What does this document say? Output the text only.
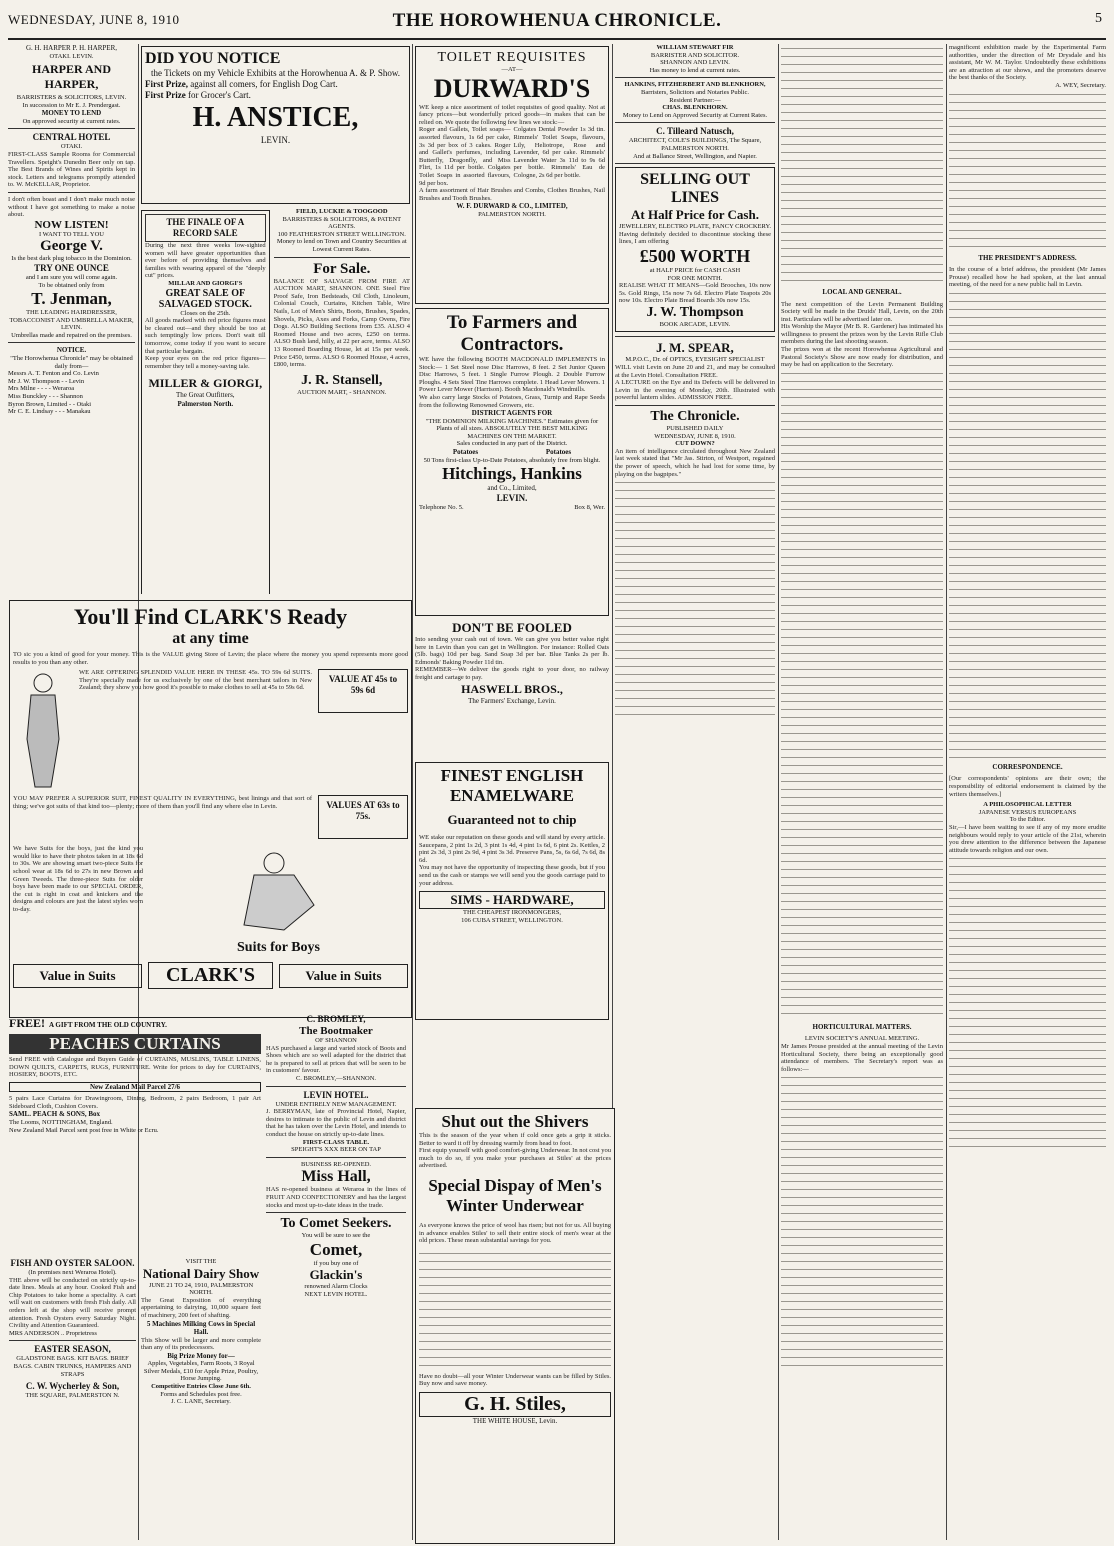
WEDNESDAY, JUNE 8, 1910	THE HOROWHENUA CHRONICLE.	5
G. H. HARPER P. H. HARPER,
OTAKI. LEVIN.
HARPER AND HARPER,
BARRISTERS & SOLICITORS, LEVIN.
In succession to Mr E. J. Prendergast.
MONEY TO LEND
On approved security at current rates.
CENTRAL HOTEL
OTAKI.
FIRST-CLASS Sample Rooms for Commercial Travellers. Speight's Dunedin Beer only on tap. The Best Brands of Wines and Spirits kept in stock. Letters and telegrams promptly attended to. W. McKELLAR, Proprietor.
I don't often boast and I don't make much noise without I have got something to make a noise about.
NOW LISTEN!
I WANT TO TELL YOU
George V.
Is the best dark plug tobacco in the Dominion.
TRY ONE OUNCE
and I am sure you will come again.
To be obtained only from
T. Jenman,
THE LEADING HAIRDRESSER, TOBACCONIST AND UMBRELLA MAKER, LEVIN.
Umbrellas made and repaired on the premises.
NOTICE.
"The Horowhenua Chronicle" may be obtained daily from—
Messrs A. T. Fenton and Co. Levin
Mr J. W. Thompson - - Levin
Mrs Milne - - - - Weraroa
Miss Bunckley - - - Shannon
Byron Brown, Limited - - Otaki
Mr C. E. Lindsay - - - Manakau
DID YOU NOTICE
the Tickets on my Vehicle Exhibits at the Horowhenua A. & P. Show.
First Prize, against all comers, for English Dog Cart.
First Prize for Grocer's Cart.
H. ANSTICE,
LEVIN.
THE FINALE OF A RECORD SALE
During the next three weeks low-sighted women will have greater opportunities than ever before of providing themselves and families with wearing apparel of the "deeply cut" prices.
MILLAR AND GIORGI'S
GREAT SALE OF SALVAGED STOCK.
Closes on the 25th.
All goods marked with red price figures must be cleared out—and they should be too at such temptingly low prices. Don't wait till tomorrow, come today if you want to secure that particular bargain.
Keep your eyes on the red price figures—remember they tell a money-saving tale.
MILLER & GIORGI,
The Great Outfitters,
Palmerston North.
FIELD, LUCKIE & TOOGOOD
BARRISTERS & SOLICITORS, & PATENT AGENTS.
100 FEATHERSTON STREET WELLINGTON.
Money to lend on Town and Country Securities at Lowest Current Rates.
For Sale.
BALANCE OF SALVAGE FROM FIRE AT AUCTION MART, SHANNON. ONE Steel Fire Proof Safe, Iron Bedsteads, Oil Cloth, Linoleum, Colonial Couch, Curtains, Kitchen Table, Wire Nails, Lot of Men's Shirts, Boots, Brushes, Spades, Shovels, Picks, Axes and Forks, Camp Ovens, Fire Dogs. ALSO Building Sections from £35. ALSO 4 Roomed House and two acres, £250 on terms. ALSO Bush land, hilly, at 22 per acre, terms. ALSO 13 Roomed Boarding House, let at 15s per week. Price £450, terms. ALSO 6 Roomed House, 4 acres, £800, terms.
J. R. Stansell,
AUCTION MART, - SHANNON.
You'll Find CLARK'S Ready
at any time
TO sic you a kind of good for your money. This is the VALUE giving Store of Levin; the place where the money you spend represents more good results to you than any other.
WE ARE OFFERING SPLENDID VALUE HERE IN THESE 45s. TO 59s 6d SUITS. They're specially made for us exclusively by one of the best merchant tailors in New Zealand; they show you how good it's possible to make clothes to sell at 45s to 59s 6d.
VALUE AT 45s to 59s 6d
YOU MAY PREFER A SUPERIOR SUIT, FINEST QUALITY IN EVERYTHING, best linings and that sort of thing; we've got suits of that kind too—plenty; more of them than you'll find any where else in Levin.	VALUES AT 63s to 75s.
We have Suits for the boys, just the kind you would like to have their photos taken in at 18s 6d to 30s. We are showing smart two-piece Suits for school wear at 18s 6d to 27s in new Brown and Green Tweeds. The three-piece Suits for older boys have been made to our SPECIAL ORDER, the cut is right in coat and knickers and the designs and colours are just the latest styles worn to-day.
Suits for Boys
Value in Suits	CLARK'S	Value in Suits
FREE! A GIFT FROM THE OLD COUNTRY.
PEACHES CURTAINS
Send FREE with Catalogue and Buyers Guide of CURTAINS, MUSLINS, TABLE LINENS, DOWN QUILTS, CARPETS, RUGS, FURNITURE. Write for prices to day for CURTAINS, HOSIERY, BOOTS, ETC.
New Zealand Mail Parcel 27/6
5 pairs Lace Curtains for Drawingroom, Dining, Bedroom, 2 pairs Bedroom, 1 pair Art Sideboard Cloth, Cushion Covers.
SAML. PEACH & SONS, Box
The Looms, NOTTINGHAM, England.
New Zealand Mail Parcel sent post free in White or Ecru.
FISH AND OYSTER SALOON.
(In premises next Weraroa Hotel).
THE above will be conducted on strictly up-to-date lines. Meals at any hour. Cooked Fish and Chip Potatoes to take home a speciality. A cart will wait on customers with fresh Fish daily. All orders left at the shop will receive prompt attention. Fresh Oysters every Saturday Night. Civility and Attention Guaranteed.
MRS ANDERSON .. Proprietress
EASTER SEASON,
GLADSTONE BAGS. KIT BAGS. BRIEF BAGS. CABIN TRUNKS, HAMPERS AND STRAPS
C. W. Wycherley & Son,
THE SQUARE, PALMERSTON N.
VISIT THE
National Dairy Show
JUNE 21 TO 24, 1910, PALMERSTON NORTH.
The Great Exposition of everything appertaining to dairying, 10,000 square feet of machinery, 200 feet of shafting.
5 Machines Milking Cows in Special Hall.
This Show will be larger and more complete than any of its predecessors.
Big Prize Money for—
Apples, Vegetables, Farm Roots, 3 Royal Silver Medals, £10 for Apple Prize, Poultry, Horse Jumping.
Competitive Entries Close June 6th.
Forms and Schedules post free.
J. C. LANE, Secretary.
C. BROMLEY,
The Bootmaker
OF SHANNON
HAS purchased a large and varied stock of Boots and Shoes which are so well adapted for the district that he is prepared to sell at prices that will be seen to be in customers' favour.
C. BROMLEY,—SHANNON.
LEVIN HOTEL.
UNDER ENTIRELY NEW MANAGEMENT.
J. BERRYMAN, late of Provincial Hotel, Napier, desires to intimate to the public of Levin and district that he has taken over the Levin Hotel, and intends to conduct the house on strictly up-to-date lines.
FIRST-CLASS TABLE.
SPEIGHT'S XXX BEER ON TAP
BUSINESS RE-OPENED.
Miss Hall,
HAS re-opened business at Weraroa in the lines of FRUIT AND CONFECTIONERY and has the largest stocks and most up-to-date ideas in the trade.
To Comet Seekers.
You will be sure to see the
Comet,
if you buy one of
Glackin's
renowned Alarm Clocks
NEXT LEVIN HOTEL.
TOILET REQUISITES
—AT—
DURWARD'S
WE keep a nice assortment of toilet requisites of good quality. Not at fancy prices—but wonderfully priced goods—in makes that can be relied on. We quote the following few lines we stock:—
Roger and Gallets, Toilet soaps—assorted flavours, 1s 6d per cake, 3s 3d per box of 3 cakes. Roger and Gallet's perfumes, including Butterfly, Dragonfly, and Miss Flirt, 1s 11d per bottle. Colgates Toilet Soaps in assorted flavours, 9d per box.
Colgates Dental Powder 1s 3d tin. Rimmels' Toilet Soaps, flavours, Lily, Heliotrope, Rose and Lavender, 6d per cake. Rimmels' Lavender Water 3s 11d to 9s 6d per bottle. Rimmels' Eau de Cologne, 2s 6d per bottle.
A farm assortment of Hair Brushes and Combs, Clothes Brushes, Nail Brushes and Tooth Brushes.
W. F. DURWARD & CO., LIMITED,
PALMERSTON NORTH.
To Farmers and Contractors.
WE have the following BOOTH MACDONALD IMPLEMENTS in Stock:— 1 Set Steel nose Disc Harrows, 8 feet. 2 Set Junior Queen Disc Harrows, 5 feet. 1 Single Furrow Plough. 2 Double Furrow Ploughs. 4 Sets Steel Tine Harrows complete. 1 Head Lever Mowers. 1 Power Lever Mower (Harrison). Booth Macdonald's Windmills.
We also carry large Stocks of Potatoes, Grass, Turnip and Rape Seeds from the following Renowned Growers, etc.
DISTRICT AGENTS FOR
"THE DOMINION MILKING MACHINES." Estimates given for Plants of all sizes. ABSOLUTELY THE BEST MILKING MACHINES ON THE MARKET.
Sales conducted in any part of the District.
Potatoes	Potatoes
50 Tons first-class Up-to-Date Potatoes, absolutely free from blight.
Hitchings, Hankins
and Co., Limited,
LEVIN.
Telephone No. 5.	Box 8, Wer.
DON'T BE FOOLED
Into sending your cash out of town. We can give you better value right here in Levin than you can get in Wellington. For instance: Rolled Oats (5lb. bags) 10d per bag. Sand Soap 3d per bar. Blue Tanks 2s per lb. Edmonds' Baking Powder 11d tin.
REMEMBER—We deliver the goods right to your door, no railway freight and cartage to pay.
HASWELL BROS.,
The Farmers' Exchange, Levin.
FINEST ENGLISH ENAMELWARE
Guaranteed not to chip
WE stake our reputation on these goods and will stand by every article. Saucepans, 2 pint 1s 2d, 3 pint 1s 4d, 4 pint 1s 6d, 6 pint 2s. Kettles, 2 pint 2s 3d, 3 pint 2s 9d, 4 pint 3s 3d. Preserve Pans, 5s, 6s 6d, 7s 6d, 8s 6d.
You may not have the opportunity of inspecting these goods, but if you send us the cash or stamps we will send you the goods carriage paid to your address.
SIMS - HARDWARE,
THE CHEAPEST IRONMONGERS,
106 CUBA STREET, WELLINGTON.
WILLIAM STEWART FIR
BARRISTER AND SOLICITOR.
SHANNON AND LEVIN.
Has money to lend at current rates.
HANKINS, FITZHERBERT AND BLENKHORN,
Barristers, Solicitors and Notaries Public.
Resident Partner:—
CHAS. BLENKHORN.
Money to Lend on Approved Security at Current Rates.
C. Tilleard Natusch,
ARCHITECT, COLE'S BUILDINGS, The Square, PALMERSTON NORTH.
And at Ballance Street, Wellington, and Napier.
SELLING OUT LINES
At Half Price for Cash.
JEWELLERY, ELECTRO PLATE, FANCY CROCKERY.
Having definitely decided to discontinue stocking these lines, I am offering
£500 WORTH
at HALF PRICE for CASH CASH
FOR ONE MONTH.
REALISE WHAT IT MEANS—Gold Brooches, 10s now 5s. Gold Rings, 15s now 7s 6d. Electro Plate Teapots 20s now 10s. Electro Plate Bread Boards 30s now 15s.
J. W. Thompson
BOOK ARCADE, LEVIN.
J. M. SPEAR,
M.P.O.C., Dr. of OPTICS, EYESIGHT SPECIALIST
WILL visit Levin on June 20 and 21, and may be consulted at the Levin Hotel. Consultation FREE.
A LECTURE on the Eye and its Defects will be delivered in Levin in the evening of Monday, 20th. Illustrated with powerful lantern slides. ADMISSION FREE.
The Chronicle.
PUBLISHED DAILY
WEDNESDAY, JUNE 8, 1910.
CUT DOWN?
An item of intelligence circulated throughout New Zealand last week stated that "Mr Jas. Stirton, of Westport, regained the power of speech, which he had lost for some time, by playing on the bagpipes."
Shut out the Shivers
This is the season of the year when if cold once gets a grip it sticks. Better to ward it off by dressing warmly from head to foot.
First equip yourself with good comfort-giving Underwear. In not cost you much to do so, if you make your purchases at Stiles' at the prices advertised.
Special Dispay of Men's Winter Underwear
As everyone knows the price of wool has risen; but not for us. All buying in advance enables Stiles' to sell their entire stock of men's wear at the old prices. These mean substantial savings for you.
Have no doubt—all your Winter Underwear wants can be filled by Stiles. Buy now and save money.
G. H. Stiles,
THE WHITE HOUSE, Levin.
LOCAL AND GENERAL.
The next competition of the Levin Permanent Building Society will be made in the Druids' Hall, Levin, on the 20th inst. Particulars will be advertised later on.
His Worship the Mayor (Mr B. R. Gardener) has intimated his willingness to present the prizes won by the Levin Rifle Club members during the last shooting season.
The prizes won at the recent Horowhenua Agricultural and Pastoral Society's Show are now ready for distribution, and may be had on application to the Secretary.
HORTICULTURAL MATTERS.
LEVIN SOCIETY'S ANNUAL MEETING.
Mr James Prouse presided at the annual meeting of the Levin Horticultural Society, there being an exceptionally good attendance of members. The Secretary's report was as follows:—
magnificent exhibition made by the Experimental Farm authorities, under the direction of Mr Drysdale and his assistant, Mr W. M. Taylor. Undoubtedly these exhibitions are an attraction at our shows, and the promoters deserve the best thanks of the Society.
A. WEY, Secretary.
THE PRESIDENT'S ADDRESS.
In the course of a brief address, the president (Mr James Prouse) recalled how he had spoken, at the last annual meeting, of the need for a new public hall in Levin.
CORRESPONDENCE.
[Our correspondents' opinions are their own; the responsibility of editorial endorsement is claimed by the writers themselves.]
A PHILOSOPHICAL LETTER
JAPANESE VERSUS EUROPEANS
To the Editor.
Sir,—I have been waiting to see if any of my more erudite neighbours would reply to your article of the 21st, wherein you drew attention to the difference between the Japanese attitude towards religion and our own.
